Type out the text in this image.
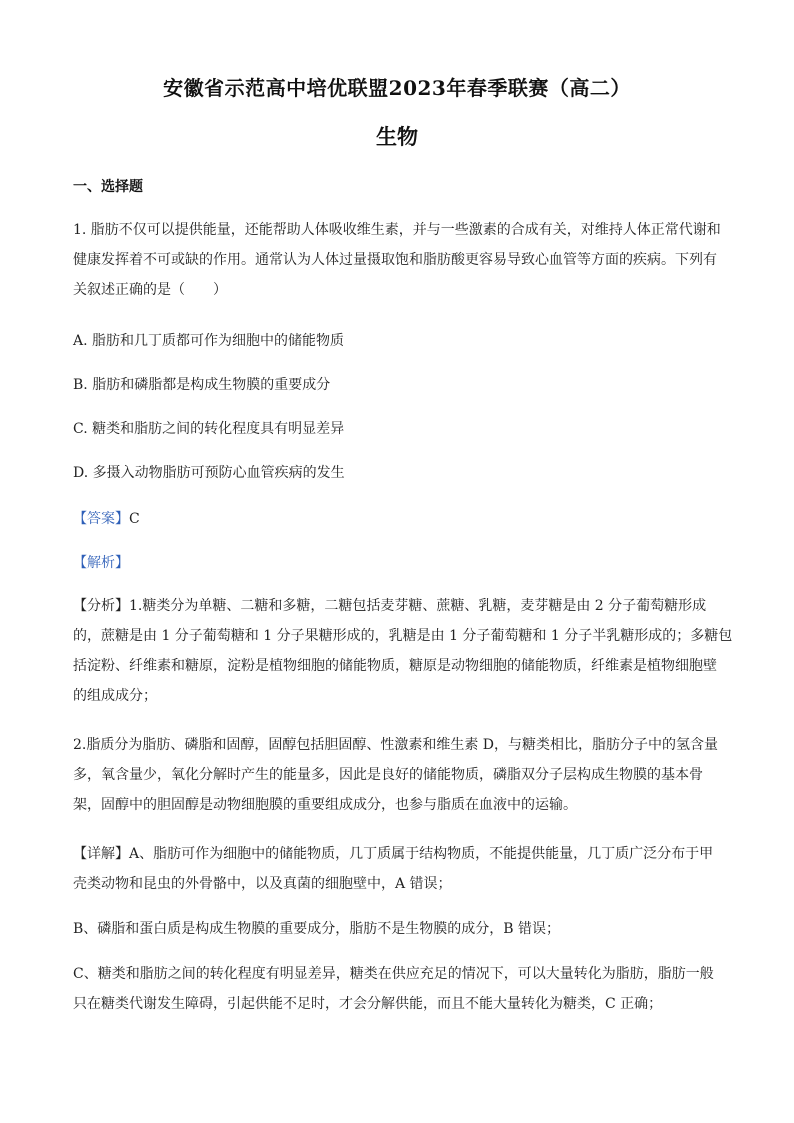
安徽省示范高中培优联盟2023年春季联赛（高二）
生物
一、选择题
1. 脂肪不仅可以提供能量，还能帮助人体吸收维生素，并与一些激素的合成有关，对维持人体正常代谢和
健康发挥着不可或缺的作用。通常认为人体过量摄取饱和脂肪酸更容易导致心血管等方面的疾病。下列有
关叙述正确的是（　　）
A. 脂肪和几丁质都可作为细胞中的储能物质
B. 脂肪和磷脂都是构成生物膜的重要成分
C. 糖类和脂肪之间的转化程度具有明显差异
D. 多摄入动物脂肪可预防心血管疾病的发生
【答案】C
【解析】
【分析】1.糖类分为单糖、二糖和多糖，二糖包括麦芽糖、蔗糖、乳糖，麦芽糖是由 2 分子葡萄糖形成
的，蔗糖是由 1 分子葡萄糖和 1 分子果糖形成的，乳糖是由 1 分子葡萄糖和 1 分子半乳糖形成的；多糖包
括淀粉、纤维素和糖原，淀粉是植物细胞的储能物质，糖原是动物细胞的储能物质，纤维素是植物细胞壁
的组成成分；
2.脂质分为脂肪、磷脂和固醇，固醇包括胆固醇、性激素和维生素 D，与糖类相比，脂肪分子中的氢含量
多，氧含量少，氧化分解时产生的能量多，因此是良好的储能物质，磷脂双分子层构成生物膜的基本骨
架，固醇中的胆固醇是动物细胞膜的重要组成成分，也参与脂质在血液中的运输。
【详解】A、脂肪可作为细胞中的储能物质，几丁质属于结构物质，不能提供能量，几丁质广泛分布于甲
壳类动物和昆虫的外骨骼中，以及真菌的细胞壁中，A 错误；
B、磷脂和蛋白质是构成生物膜的重要成分，脂肪不是生物膜的成分，B 错误；
C、糖类和脂肪之间的转化程度有明显差异，糖类在供应充足的情况下，可以大量转化为脂肪，脂肪一般
只在糖类代谢发生障碍，引起供能不足时，才会分解供能，而且不能大量转化为糖类，C 正确；
